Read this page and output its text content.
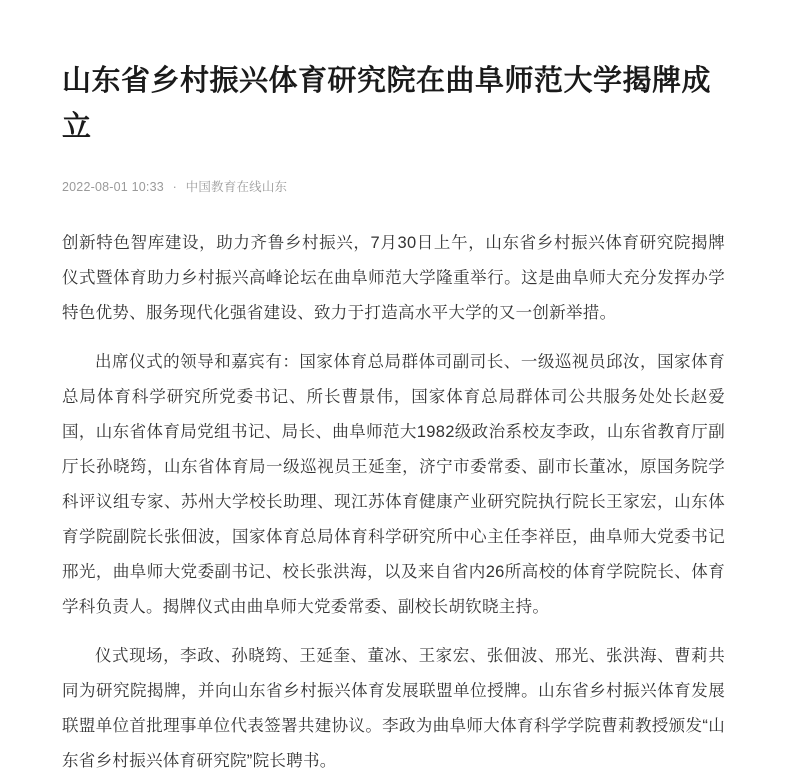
山东省乡村振兴体育研究院在曲阜师范大学揭牌成立
2022-08-01 10:33 · 中国教育在线山东

创新特色智库建设，助力齐鲁乡村振兴，7月30日上午，山东省乡村振兴体育研究院揭牌仪式暨体育助力乡村振兴高峰论坛在曲阜师范大学隆重举行。这是曲阜师大充分发挥办学特色优势、服务现代化强省建设、致力于打造高水平大学的又一创新举措。

出席仪式的领导和嘉宾有：国家体育总局群体司副司长、一级巡视员邱汝，国家体育总局体育科学研究所党委书记、所长曹景伟，国家体育总局群体司公共服务处处长赵爱国，山东省体育局党组书记、局长、曲阜师范大1982级政治系校友李政，山东省教育厅副厅长孙晓筠，山东省体育局一级巡视员王延奎，济宁市委常委、副市长董冰，原国务院学科评议组专家、苏州大学校长助理、现江苏体育健康产业研究院执行院长王家宏，山东体育学院副院长张佃波，国家体育总局体育科学研究所中心主任李祥臣，曲阜师大党委书记邢光，曲阜师大党委副书记、校长张洪海，以及来自省内26所高校的体育学院院长、体育学科负责人。揭牌仪式由曲阜师大党委常委、副校长胡钦晓主持。

仪式现场，李政、孙晓筠、王延奎、董冰、王家宏、张佃波、邢光、张洪海、曹莉共同为研究院揭牌，并向山东省乡村振兴体育发展联盟单位授牌。山东省乡村振兴体育发展联盟单位首批理事单位代表签署共建协议。李政为曲阜师大体育科学学院曹莉教授颁发“山东省乡村振兴体育研究院”院长聘书。
